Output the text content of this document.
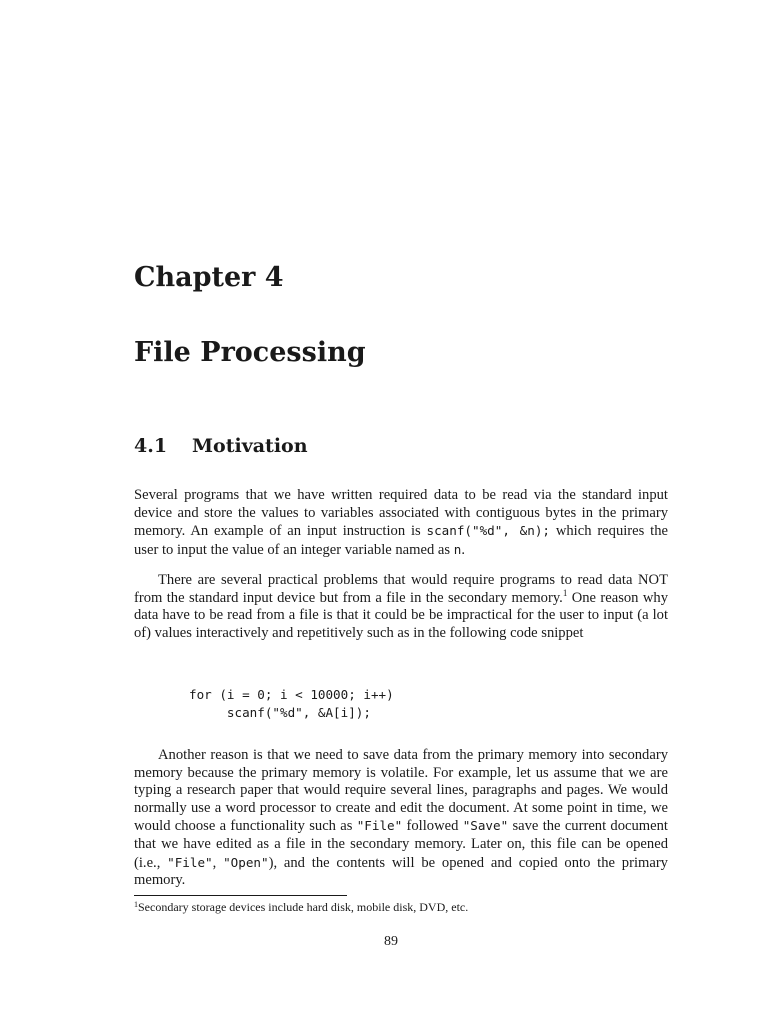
Chapter 4
File Processing
4.1 Motivation

Several programs that we have written required data to be read via the standard input device and store the values to variables associated with contiguous bytes in the primary memory. An example of an input instruction is scanf("%d", &n); which requires the user to input the value of an integer variable named as n.

There are several practical problems that would require programs to read data NOT from the standard input device but from a file in the secondary memory.$^1$ One reason why data have to be read from a file is that it could be be impractical for the user to input (a lot of) values interactively and repetitively such as in the following code snippet

for (i = 0; i < 10000; i++)
scanf("%d", &A[i]);

Another reason is that we need to save data from the primary memory into secondary memory because the primary memory is volatile. For example, let us assume that we are typing a research paper that would require several lines, paragraphs and pages. We would normally use a word processor to create and edit the document. At some point in time, we would choose a functionality such as "File" followed "Save" save the current document that we have edited as a file in the secondary memory. Later on, this file can be opened (i.e., "File", "Open"), and the contents will be opened and copied onto the primary memory.

$^1$Secondary storage devices include hard disk, mobile disk, DVD, etc.

89
